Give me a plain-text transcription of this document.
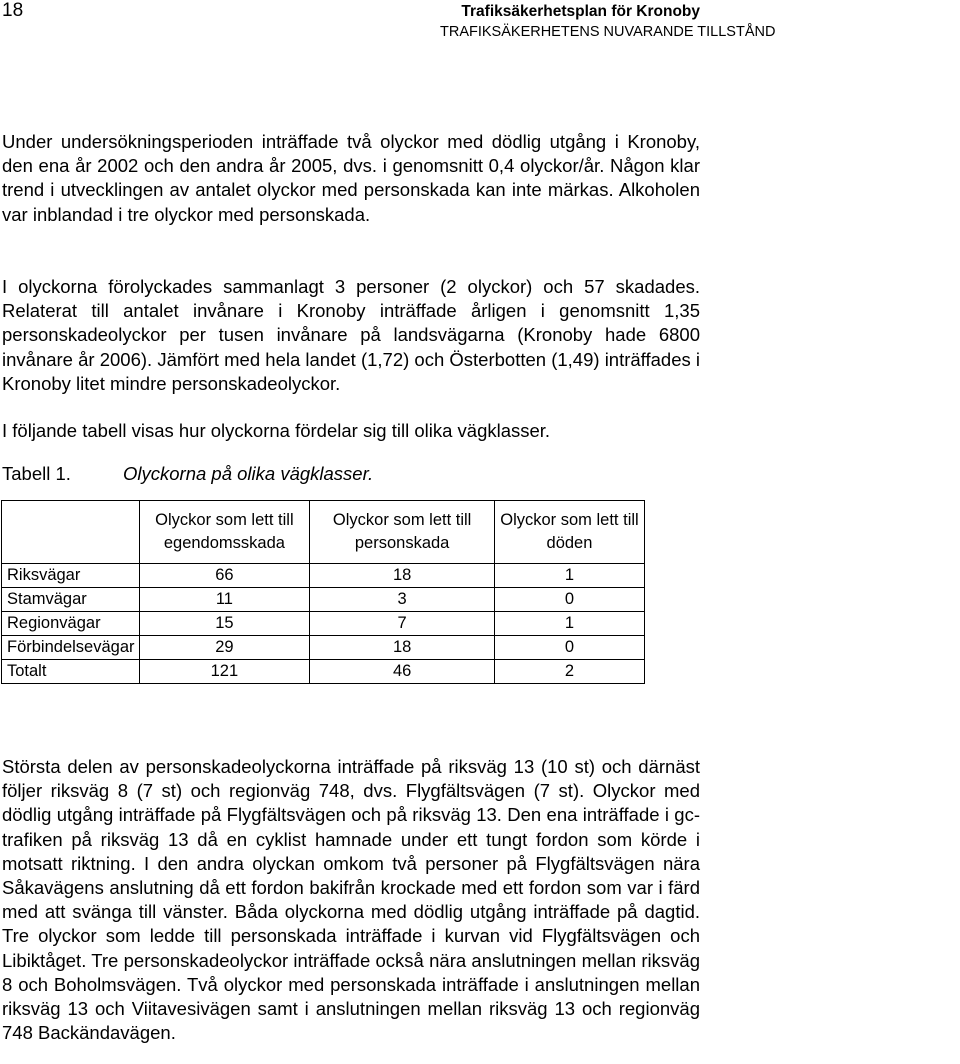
18	Trafiksäkerhetsplan för Kronoby
TRAFIKSÄKERHETENS NUVARANDE TILLSTÅND
Under undersökningsperioden inträffade två olyckor med dödlig utgång i Kronoby, den ena år 2002 och den andra år 2005, dvs. i genomsnitt 0,4 olyckor/år. Någon klar trend i utvecklingen av antalet olyckor med personskada kan inte märkas. Alkoholen var inblandad i tre olyckor med personskada.
I olyckorna förolyckades sammanlagt 3 personer (2 olyckor) och 57 skadades. Relaterat till antalet invånare i Kronoby inträffade årligen i genomsnitt 1,35 personskadeolyckor per tusen invånare på landsvägarna (Kronoby hade 6800 invånare år 2006). Jämfört med hela landet (1,72) och Österbotten (1,49) inträffades i Kronoby litet mindre personskadeolyckor.
I följande tabell visas hur olyckorna fördelar sig till olika vägklasser.
Tabell 1.	Olyckorna på olika vägklasser.
	Olyckor som lett till egendomsskada	Olyckor som lett till personskada	Olyckor som lett till döden
Riksvägar	66	18	1
Stamvägar	11	3	0
Regionvägar	15	7	1
Förbindelsevägar	29	18	0
Totalt	121	46	2
Största delen av personskadeolyckorna inträffade på riksväg 13 (10 st) och därnäst följer riksväg 8 (7 st) och regionväg 748, dvs. Flygfältsvägen (7 st). Olyckor med dödlig utgång inträffade på Flygfältsvägen och på riksväg 13. Den ena inträffade i gc-trafiken på riksväg 13 då en cyklist hamnade under ett tungt fordon som körde i motsatt riktning. I den andra olyckan omkom två personer på Flygfältsvägen nära Såkavägens anslutning då ett fordon bakifrån krockade med ett fordon som var i färd med att svänga till vänster. Båda olyckorna med dödlig utgång inträffade på dagtid. Tre olyckor som ledde till personskada inträffade i kurvan vid Flygfältsvägen och Libiktåget. Tre personskadeolyckor inträffade också nära anslutningen mellan riksväg 8 och Boholmsvägen. Två olyckor med personskada inträffade i anslutningen mellan riksväg 13 och Viitavesivägen samt i anslutningen mellan riksväg 13 och regionväg 748 Backändavägen.
